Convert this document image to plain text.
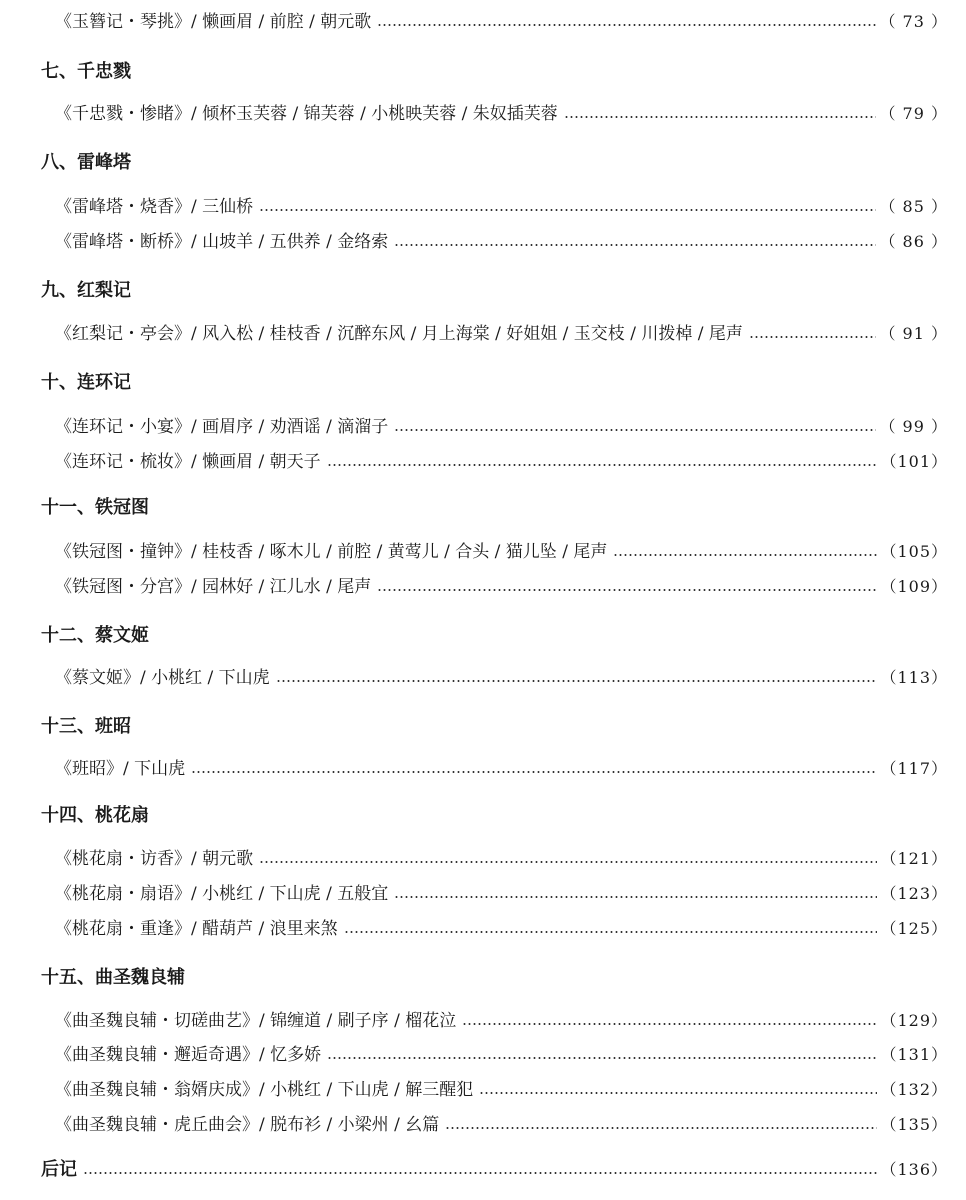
《玉簪记・琴挑》/ 懒画眉 / 前腔 / 朝元歌	（ 73 ）
七、千忠戮
《千忠戮・惨睹》/ 倾杯玉芙蓉 / 锦芙蓉 / 小桃映芙蓉 / 朱奴插芙蓉	（ 79 ）
八、雷峰塔
《雷峰塔・烧香》/ 三仙桥	（ 85 ）
《雷峰塔・断桥》/ 山坡羊 / 五供养 / 金络索	（ 86 ）
九、红梨记
《红梨记・亭会》/ 风入松 / 桂枝香 / 沉醉东风 / 月上海棠 / 好姐姐 / 玉交枝 / 川拨棹 / 尾声	（ 91 ）
十、连环记
《连环记・小宴》/ 画眉序 / 劝酒谣 / 滴溜子	（ 99 ）
《连环记・梳妆》/ 懒画眉 / 朝天子	（101）
十一、铁冠图
《铁冠图・撞钟》/ 桂枝香 / 啄木儿 / 前腔 / 黄莺儿 / 合头 / 猫儿坠 / 尾声	（105）
《铁冠图・分宫》/ 园林好 / 江儿水 / 尾声	（109）
十二、蔡文姬
《蔡文姬》/ 小桃红 / 下山虎	（113）
十三、班昭
《班昭》/ 下山虎	（117）
十四、桃花扇
《桃花扇・访香》/ 朝元歌	（121）
《桃花扇・扇语》/ 小桃红 / 下山虎 / 五般宜	（123）
《桃花扇・重逢》/ 醋葫芦 / 浪里来煞	（125）
十五、曲圣魏良辅
《曲圣魏良辅・切磋曲艺》/ 锦缠道 / 刷子序 / 榴花泣	（129）
《曲圣魏良辅・邂逅奇遇》/ 忆多娇	（131）
《曲圣魏良辅・翁婿庆成》/ 小桃红 / 下山虎 / 解三醒犯	（132）
《曲圣魏良辅・虎丘曲会》/ 脱布衫 / 小梁州 / 幺篇	（135）
后记	（136）
